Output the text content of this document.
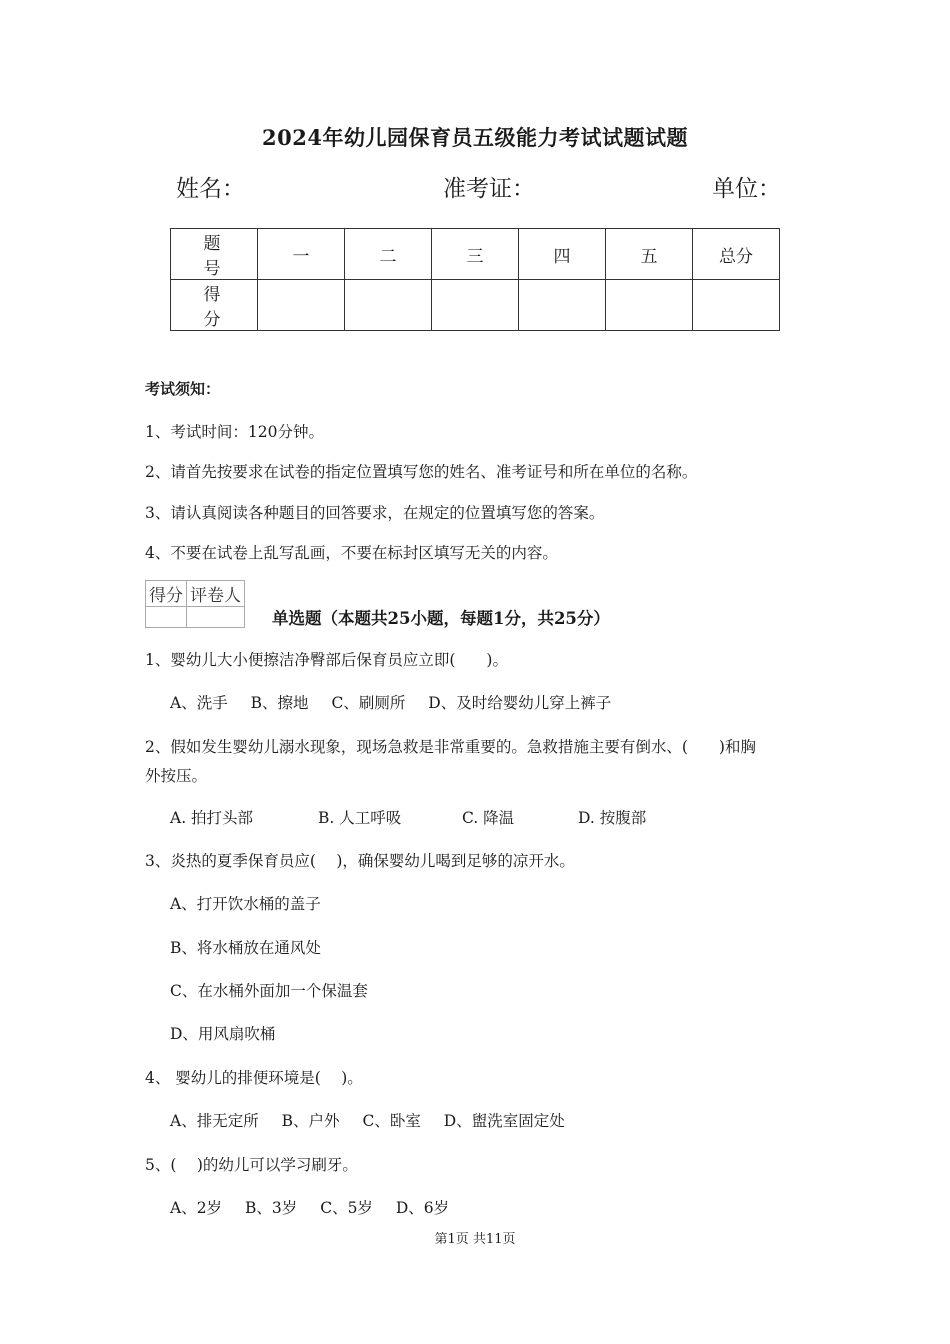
2024年幼儿园保育员五级能力考试试题试题
姓名：	准考证：	单位：
题 号	一	二	三	四	五	总分
得 分						
考试须知：
1、考试时间：120分钟。
2、请首先按要求在试卷的指定位置填写您的姓名、准考证号和所在单位的名称。
3、请认真阅读各种题目的回答要求，在规定的位置填写您的答案。
4、不要在试卷上乱写乱画，不要在标封区填写无关的内容。
得分	评卷人

单选题（本题共25小题，每题1分，共25分）
1、婴幼儿大小便擦洁净臀部后保育员应立即(　　)。
A、洗手 B、擦地 C、刷厕所 D、及时给婴幼儿穿上裤子
2、假如发生婴幼儿溺水现象，现场急救是非常重要的。急救措施主要有倒水、(　　)和胸
外按压。
A. 拍打头部	B. 人工呼吸	C. 降温	D. 按腹部
3、炎热的夏季保育员应(　 )，确保婴幼儿喝到足够的凉开水。
A、打开饮水桶的盖子
B、将水桶放在通风处
C、在水桶外面加一个保温套
D、用风扇吹桶
4、 婴幼儿的排便环境是(　 )。
A、排无定所 B、户外 C、卧室 D、盥洗室固定处
5、(　 )的幼儿可以学习刷牙。
A、2岁 B、3岁 C、5岁 D、6岁
第1页 共11页
